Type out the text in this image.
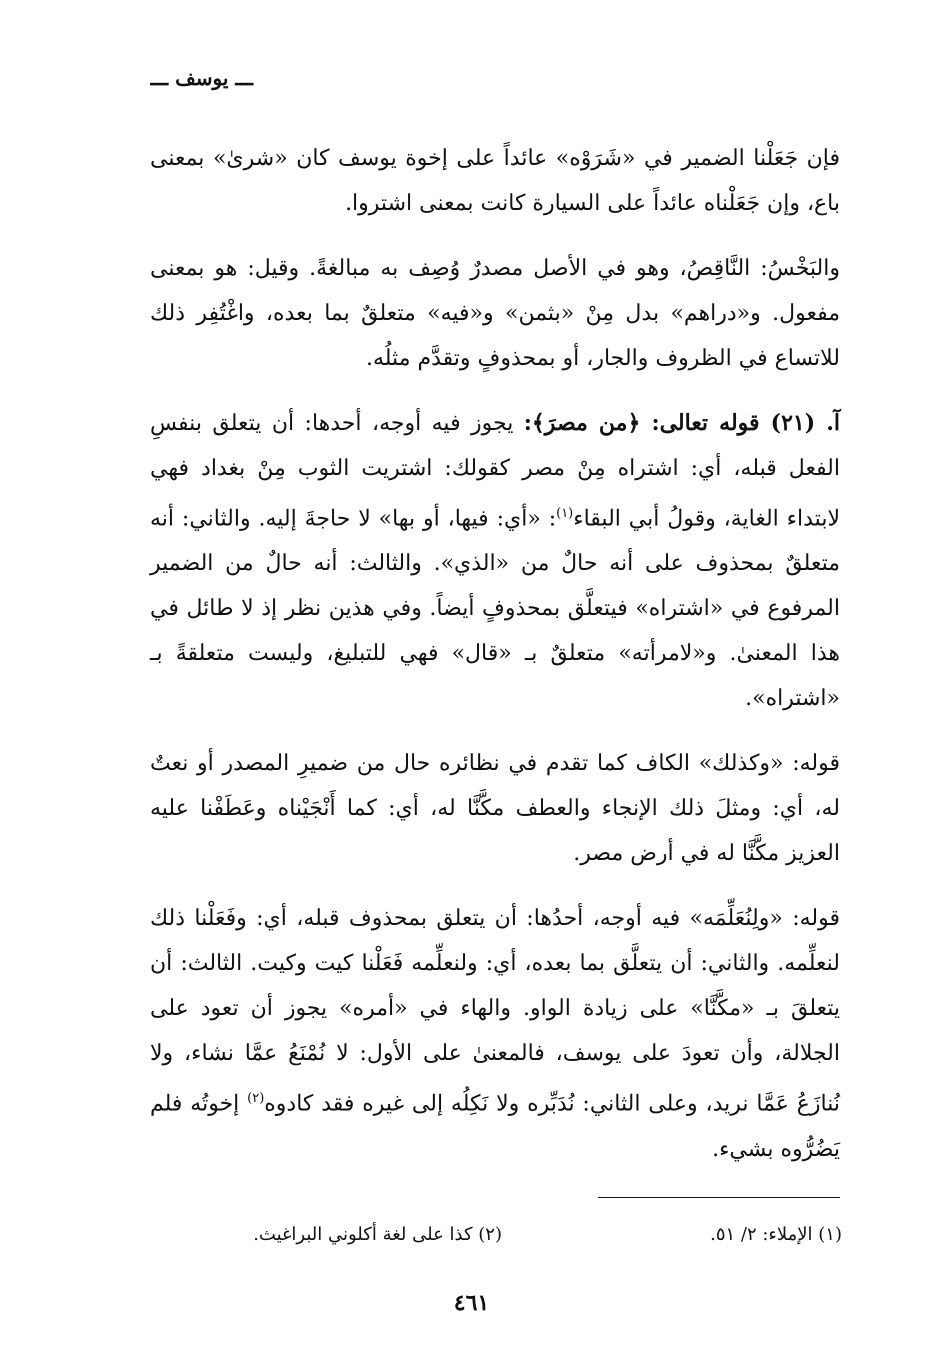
ـــ يوسف ـــ

فإن جَعَلْنا الضمير في «شَرَوْه» عائداً على إخوة يوسف كان «شرىٰ» بمعنى باع، وإن جَعَلْناه عائداً على السيارة كانت بمعنى اشتروا.

والبَخْسُ: النَّاقِصُ، وهو في الأصل مصدرٌ وُصِف به مبالغةً. وقيل: هو بمعنى مفعول. و«دراهم» بدل مِنْ «بثمن» و«فيه» متعلقٌ بما بعده، واغْتُفِر ذلك للاتساع في الظروف والجار، أو بمحذوفٍ وتقدَّم مثلُه.

آ. (٢١) قوله تعالى: ﴿من مصرَ﴾: يجوز فيه أوجه، أحدها: أن يتعلق بنفسِ الفعل قبله، أي: اشتراه مِنْ مصر كقولك: اشتريت الثوب مِنْ بغداد فهي لابتداء الغاية، وقولُ أبي البقاء$^{(١)}$: «أي: فيها، أو بها» لا حاجةَ إليه. والثاني: أنه متعلقٌ بمحذوف على أنه حالٌ من «الذي». والثالث: أنه حالٌ من الضمير المرفوع في «اشتراه» فيتعلَّق بمحذوفٍ أيضاً. وفي هذين نظر إذ لا طائل في هذا المعنىٰ. و«لامرأته» متعلقٌ بـ «قال» فهي للتبليغ، وليست متعلقةً بـ «اشتراه».

قوله: «وكذلك» الكاف كما تقدم في نظائره حال من ضميرِ المصدر أو نعتٌ له، أي: ومثلَ ذلك الإنجاء والعطف مكَّنَّا له، أي: كما أَنْجَيْناه وعَطَفْنا عليه العزيز مكَّنَّا له في أرض مصر.

قوله: «ولِنُعَلِّمَه» فيه أوجه، أحدُها: أن يتعلق بمحذوف قبله، أي: وفَعَلْنا ذلك لنعلِّمه. والثاني: أن يتعلَّق بما بعده، أي: ولنعلِّمه فَعَلْنا كيت وكيت. الثالث: أن يتعلقَ بـ «مكَّنَّا» على زيادة الواو. والهاء في «أمره» يجوز أن تعود على الجلالة، وأن تعودَ على يوسف، فالمعنىٰ على الأول: لا نُمْنَعُ عمَّا نشاء، ولا نُنازَعُ عَمَّا نريد، وعلى الثاني: نُدَبِّره ولا نَكِلُه إلى غيره فقد كادوه$^{(٢)}$ إخوتُه فلم يَضُرُّوه بشيء.

(١) الإملاء: ٢/ ٥١.
(٢) كذا على لغة أكلوني البراغيث.
٤٦١
